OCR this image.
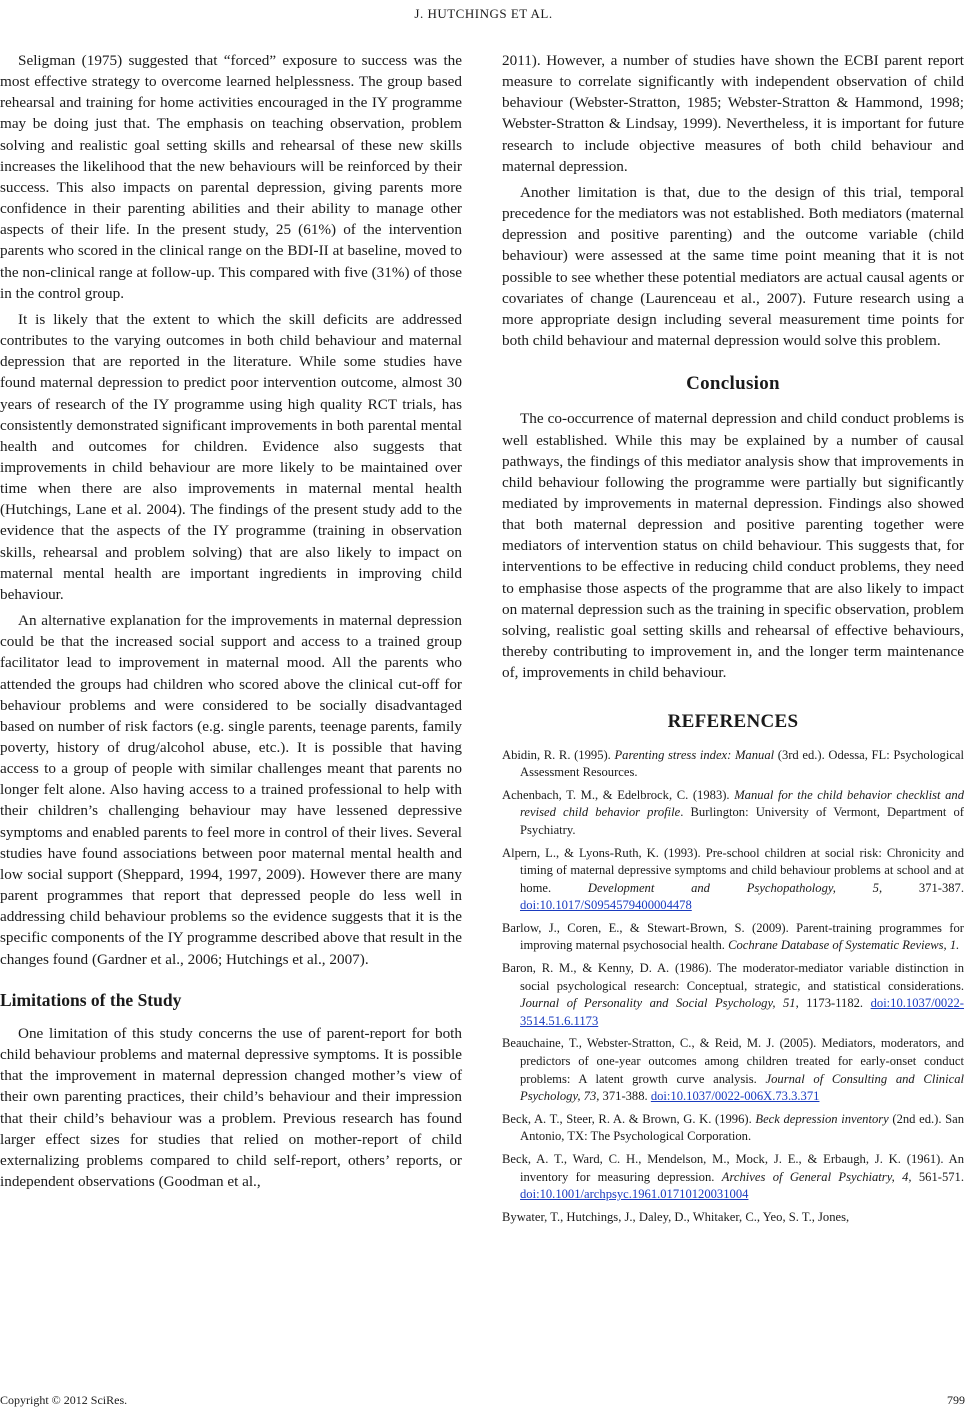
J. HUTCHINGS ET AL.

Seligman (1975) suggested that “forced” exposure to success was the most effective strategy to overcome learned helplessness. The group based rehearsal and training for home activities encouraged in the IY programme may be doing just that. The emphasis on teaching observation, problem solving and realistic goal setting skills and rehearsal of these new skills increases the likelihood that the new behaviours will be reinforced by their success. This also impacts on parental depression, giving parents more confidence in their parenting abilities and their ability to manage other aspects of their life. In the present study, 25 (61%) of the intervention parents who scored in the clinical range on the BDI-II at baseline, moved to the non-clinical range at follow-up. This compared with five (31%) of those in the control group.

It is likely that the extent to which the skill deficits are addressed contributes to the varying outcomes in both child behaviour and maternal depression that are reported in the literature. While some studies have found maternal depression to predict poor intervention outcome, almost 30 years of research of the IY programme using high quality RCT trials, has consistently demonstrated significant improvements in both parental mental health and outcomes for children. Evidence also suggests that improvements in child behaviour are more likely to be maintained over time when there are also improvements in maternal mental health (Hutchings, Lane et al. 2004). The findings of the present study add to the evidence that the aspects of the IY programme (training in observation skills, rehearsal and problem solving) that are also likely to impact on maternal mental health are important ingredients in improving child behaviour.

An alternative explanation for the improvements in maternal depression could be that the increased social support and access to a trained group facilitator lead to improvement in maternal mood. All the parents who attended the groups had children who scored above the clinical cut-off for behaviour problems and were considered to be socially disadvantaged based on number of risk factors (e.g. single parents, teenage parents, family poverty, history of drug/alcohol abuse, etc.). It is possible that having access to a group of people with similar challenges meant that parents no longer felt alone. Also having access to a trained professional to help with their children’s challenging behaviour may have lessened depressive symptoms and enabled parents to feel more in control of their lives. Several studies have found associations between poor maternal mental health and low social support (Sheppard, 1994, 1997, 2009). However there are many parent programmes that report that depressed people do less well in addressing child behaviour problems so the evidence suggests that it is the specific components of the IY programme described above that result in the changes found (Gardner et al., 2006; Hutchings et al., 2007).

Limitations of the Study

One limitation of this study concerns the use of parent-report for both child behaviour problems and maternal depressive symptoms. It is possible that the improvement in maternal depression changed mother’s view of their own parenting practices, their child’s behaviour and their impression that their child’s behaviour was a problem. Previous research has found larger effect sizes for studies that relied on mother-report of child externalizing problems compared to child self-report, others’ reports, or independent observations (Goodman et al.,

2011). However, a number of studies have shown the ECBI parent report measure to correlate significantly with independent observation of child behaviour (Webster-Stratton, 1985; Webster-Stratton & Hammond, 1998; Webster-Stratton & Lindsay, 1999). Nevertheless, it is important for future research to include objective measures of both child behaviour and maternal depression.

Another limitation is that, due to the design of this trial, temporal precedence for the mediators was not established. Both mediators (maternal depression and positive parenting) and the outcome variable (child behaviour) were assessed at the same time point meaning that it is not possible to see whether these potential mediators are actual causal agents or covariates of change (Laurenceau et al., 2007). Future research using a more appropriate design including several measurement time points for both child behaviour and maternal depression would solve this problem.

Conclusion

The co-occurrence of maternal depression and child conduct problems is well established. While this may be explained by a number of causal pathways, the findings of this mediator analysis show that improvements in child behaviour following the programme were partially but significantly mediated by improvements in maternal depression. Findings also showed that both maternal depression and positive parenting together were mediators of intervention status on child behaviour. This suggests that, for interventions to be effective in reducing child conduct problems, they need to emphasise those aspects of the programme that are also likely to impact on maternal depression such as the training in specific observation, problem solving, realistic goal setting skills and rehearsal of effective behaviours, thereby contributing to improvement in, and the longer term maintenance of, improvements in child behaviour.

REFERENCES
Abidin, R. R. (1995). Parenting stress index: Manual (3rd ed.). Odessa, FL: Psychological Assessment Resources.
Achenbach, T. M., & Edelbrock, C. (1983). Manual for the child behavior checklist and revised child behavior profile. Burlington: University of Vermont, Department of Psychiatry.
Alpern, L., & Lyons-Ruth, K. (1993). Pre-school children at social risk: Chronicity and timing of maternal depressive symptoms and child behaviour problems at school and at home. Development and Psychopathology, 5, 371-387. doi:10.1017/S0954579400004478
Barlow, J., Coren, E., & Stewart-Brown, S. (2009). Parent-training programmes for improving maternal psychosocial health. Cochrane Database of Systematic Reviews, 1.
Baron, R. M., & Kenny, D. A. (1986). The moderator-mediator variable distinction in social psychological research: Conceptual, strategic, and statistical considerations. Journal of Personality and Social Psychology, 51, 1173-1182. doi:10.1037/0022-3514.51.6.1173
Beauchaine, T., Webster-Stratton, C., & Reid, M. J. (2005). Mediators, moderators, and predictors of one-year outcomes among children treated for early-onset conduct problems: A latent growth curve analysis. Journal of Consulting and Clinical Psychology, 73, 371-388. doi:10.1037/0022-006X.73.3.371
Beck, A. T., Steer, R. A. & Brown, G. K. (1996). Beck depression inventory (2nd ed.). San Antonio, TX: The Psychological Corporation.
Beck, A. T., Ward, C. H., Mendelson, M., Mock, J. E., & Erbaugh, J. K. (1961). An inventory for measuring depression. Archives of General Psychiatry, 4, 561-571. doi:10.1001/archpsyc.1961.01710120031004
Bywater, T., Hutchings, J., Daley, D., Whitaker, C., Yeo, S. T., Jones,
Copyright © 2012 SciRes.	799
